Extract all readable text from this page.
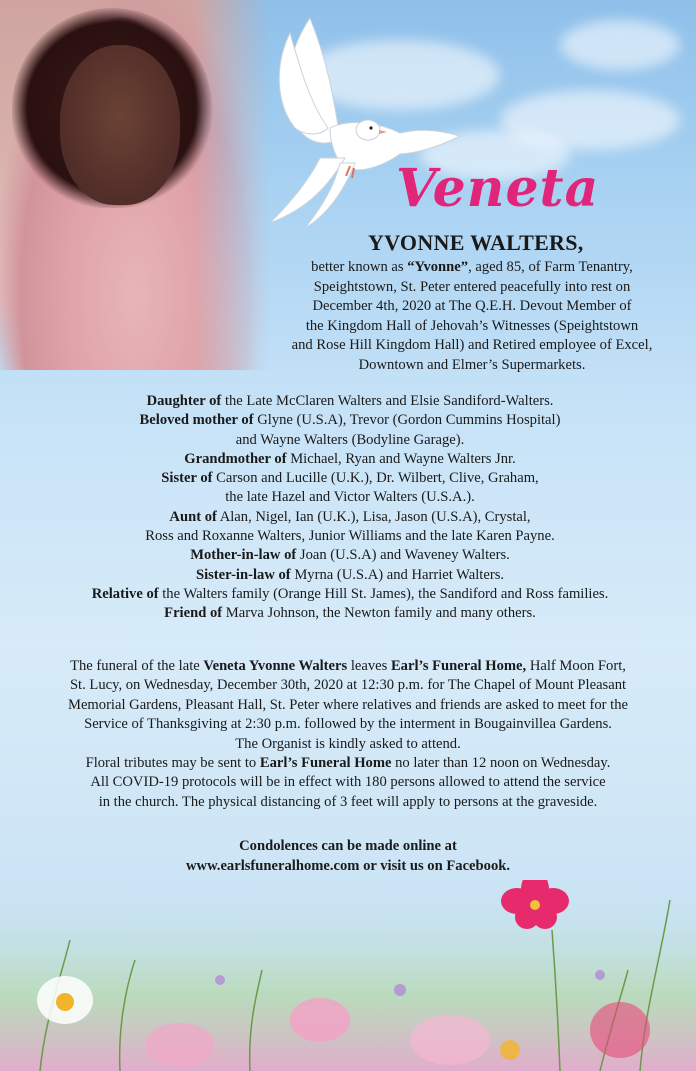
Veneta
YVONNE WALTERS,
better known as “Yvonne”, aged 85, of Farm Tenantry,
Speightstown, St. Peter entered peacefully into rest on
December 4th, 2020 at The Q.E.H. Devout Member of
the Kingdom Hall of Jehovah’s Witnesses (Speightstown
and Rose Hill Kingdom Hall) and Retired employee of Excel,
Downtown and Elmer’s Supermarkets.
Daughter of the Late McClaren Walters and Elsie Sandiford-Walters.
Beloved mother of Glyne (U.S.A), Trevor (Gordon Cummins Hospital)
and Wayne Walters (Bodyline Garage).
Grandmother of Michael, Ryan and Wayne Walters Jnr.
Sister of Carson and Lucille (U.K.), Dr. Wilbert, Clive, Graham,
the late Hazel and Victor Walters (U.S.A.).
Aunt of Alan, Nigel, Ian (U.K.), Lisa, Jason (U.S.A), Crystal,
Ross and Roxanne Walters, Junior Williams and the late Karen Payne.
Mother-in-law of Joan (U.S.A) and Waveney Walters.
Sister-in-law of Myrna (U.S.A) and Harriet Walters.
Relative of the Walters family (Orange Hill St. James), the Sandiford and Ross families.
Friend of Marva Johnson, the Newton family and many others.
The funeral of the late Veneta Yvonne Walters leaves Earl’s Funeral Home, Half Moon Fort,
St. Lucy, on Wednesday, December 30th, 2020 at 12:30 p.m. for The Chapel of Mount Pleasant
Memorial Gardens, Pleasant Hall, St. Peter where relatives and friends are asked to meet for the
Service of Thanksgiving at 2:30 p.m. followed by the interment in Bougainvillea Gardens.
The Organist is kindly asked to attend.
Floral tributes may be sent to Earl’s Funeral Home no later than 12 noon on Wednesday.
All COVID-19 protocols will be in effect with 180 persons allowed to attend the service
in the church. The physical distancing of 3 feet will apply to persons at the graveside.
Condolences can be made online at
www.earlsfuneralhome.com or visit us on Facebook.
